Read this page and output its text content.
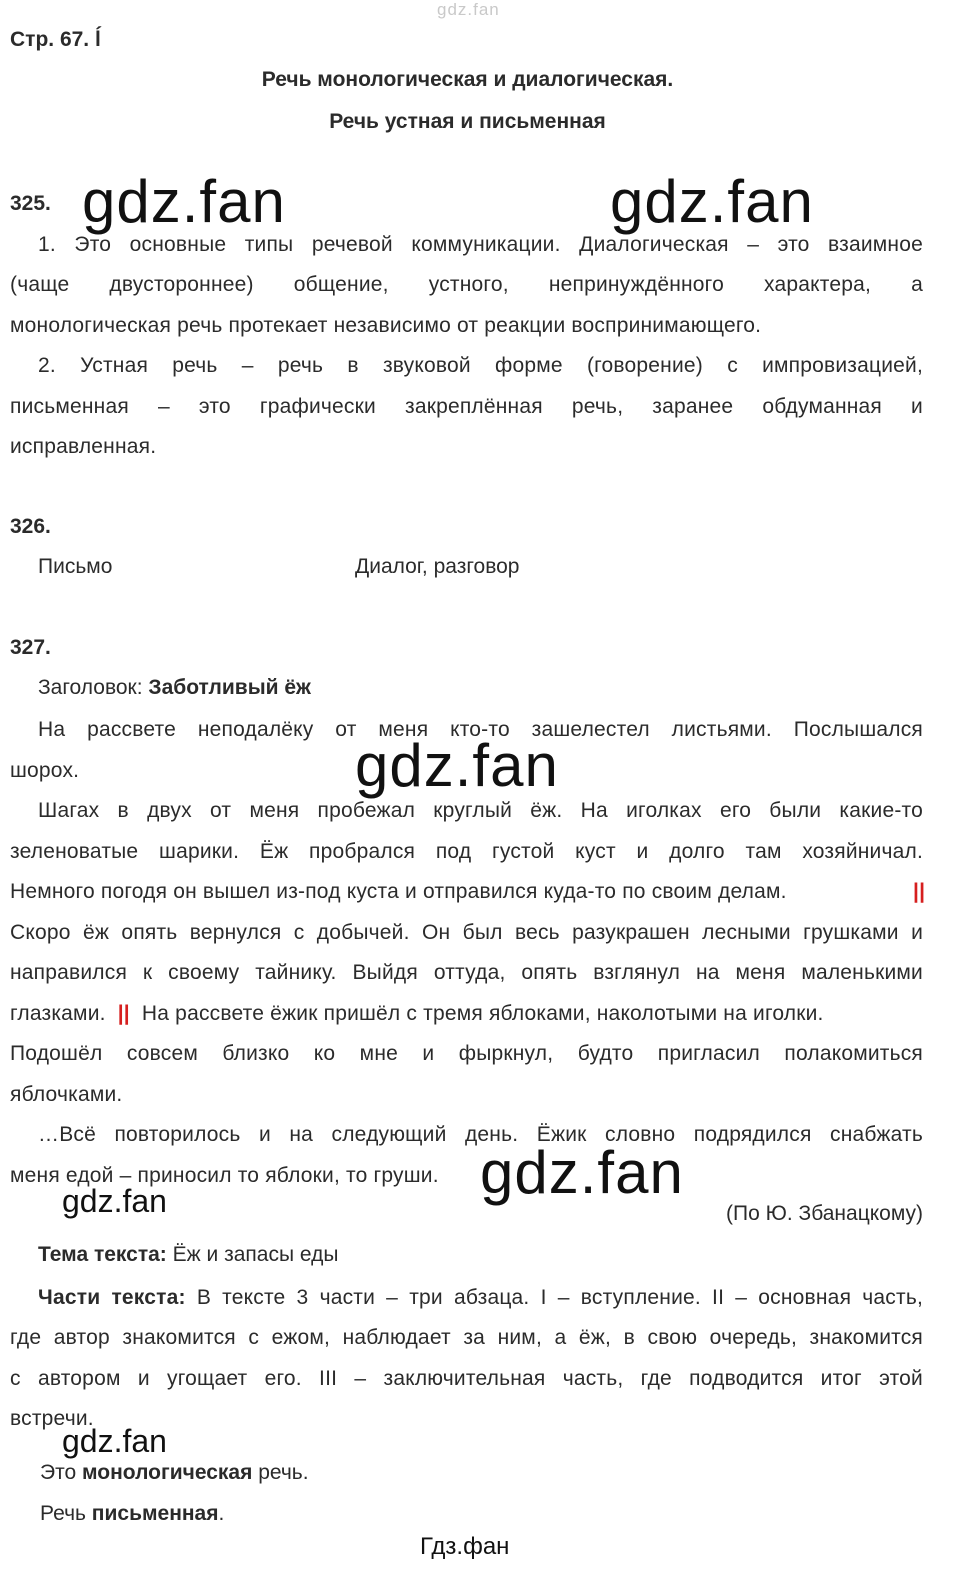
gdz.fan
Стр. 67. ĺ
Речь монологическая и диалогическая.
Речь устная и письменная
325. gdz.fan	gdz.fan
1. Это основные типы речевой коммуникации. Диалогическая – это взаимное
(чаще двустороннее) общение, устного, непринуждённого характера, а
монологическая речь протекает независимо от реакции воспринимающего.
2. Устная речь – речь в звуковой форме (говорение) с импровизацией,
письменная – это графически закреплённая речь, заранее обдуманная и
исправленная.
326.
Письмо	Диалог, разговор
327.
Заголовок: Заботливый ёж
На рассвете неподалёку от меня кто-то зашелестел листьями. Послышался
шорох.	gdz.fan
Шагах в двух от меня пробежал круглый ёж. На иголках его были какие-то
зеленоватые шарики. Ёж пробрался под густой куст и долго там хозяйничал.
Немного погодя он вышел из-под куста и отправился куда-то по своим делам.	||
Скоро ёж опять вернулся с добычей. Он был весь разукрашен лесными грушками и
направился к своему тайнику. Выйдя оттуда, опять взглянул на меня маленькими
глазками. || На рассвете ёжик пришёл с тремя яблоками, наколотыми на иголки.
Подошёл совсем близко ко мне и фыркнул, будто пригласил полакомиться
яблочками.
…Всё повторилось и на следующий день. Ёжик словно подрядился снабжать
меня едой – приносил то яблоки, то груши. gdz.fan
gdz.fan	(По Ю. Збанацкому)
Тема текста: Ёж и запасы еды
Части текста: В тексте 3 части – три абзаца. I – вступление. II – основная часть,
где автор знакомится с ежом, наблюдает за ним, а ёж, в свою очередь, знакомится
с автором и угощает его. III – заключительная часть, где подводится итог этой
встречи.
gdz.fan
Это монологическая речь.
Речь письменная.
Гдз.фан
